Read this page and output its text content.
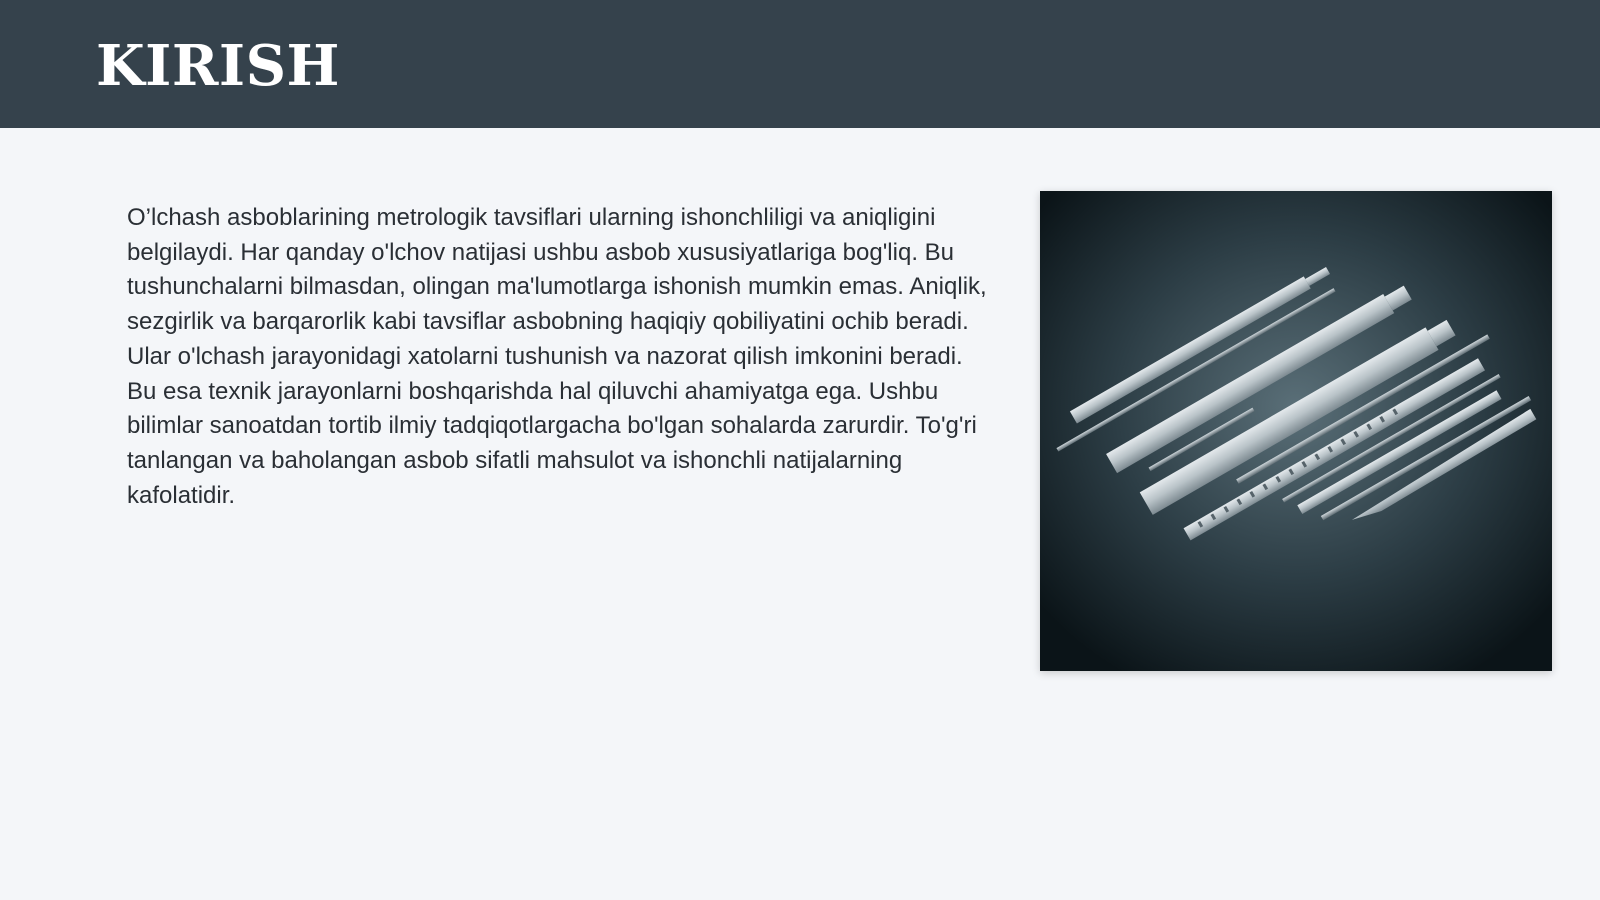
KIRISH

O’lchash asboblarining metrologik tavsiflari ularning ishonchliligi va aniqligini belgilaydi. Har qanday o'lchov natijasi ushbu asbob xususiyatlariga bog'liq. Bu tushunchalarni bilmasdan, olingan ma'lumotlarga ishonish mumkin emas. Aniqlik, sezgirlik va barqarorlik kabi tavsiflar asbobning haqiqiy qobiliyatini ochib beradi. Ular o'lchash jarayonidagi xatolarni tushunish va nazorat qilish imkonini beradi. Bu esa texnik jarayonlarni boshqarishda hal qiluvchi ahamiyatga ega. Ushbu bilimlar sanoatdan tortib ilmiy tadqiqotlargacha bo'lgan sohalarda zarurdir. To'g'ri tanlangan va baholangan asbob sifatli mahsulot va ishonchli natijalarning kafolatidir.
